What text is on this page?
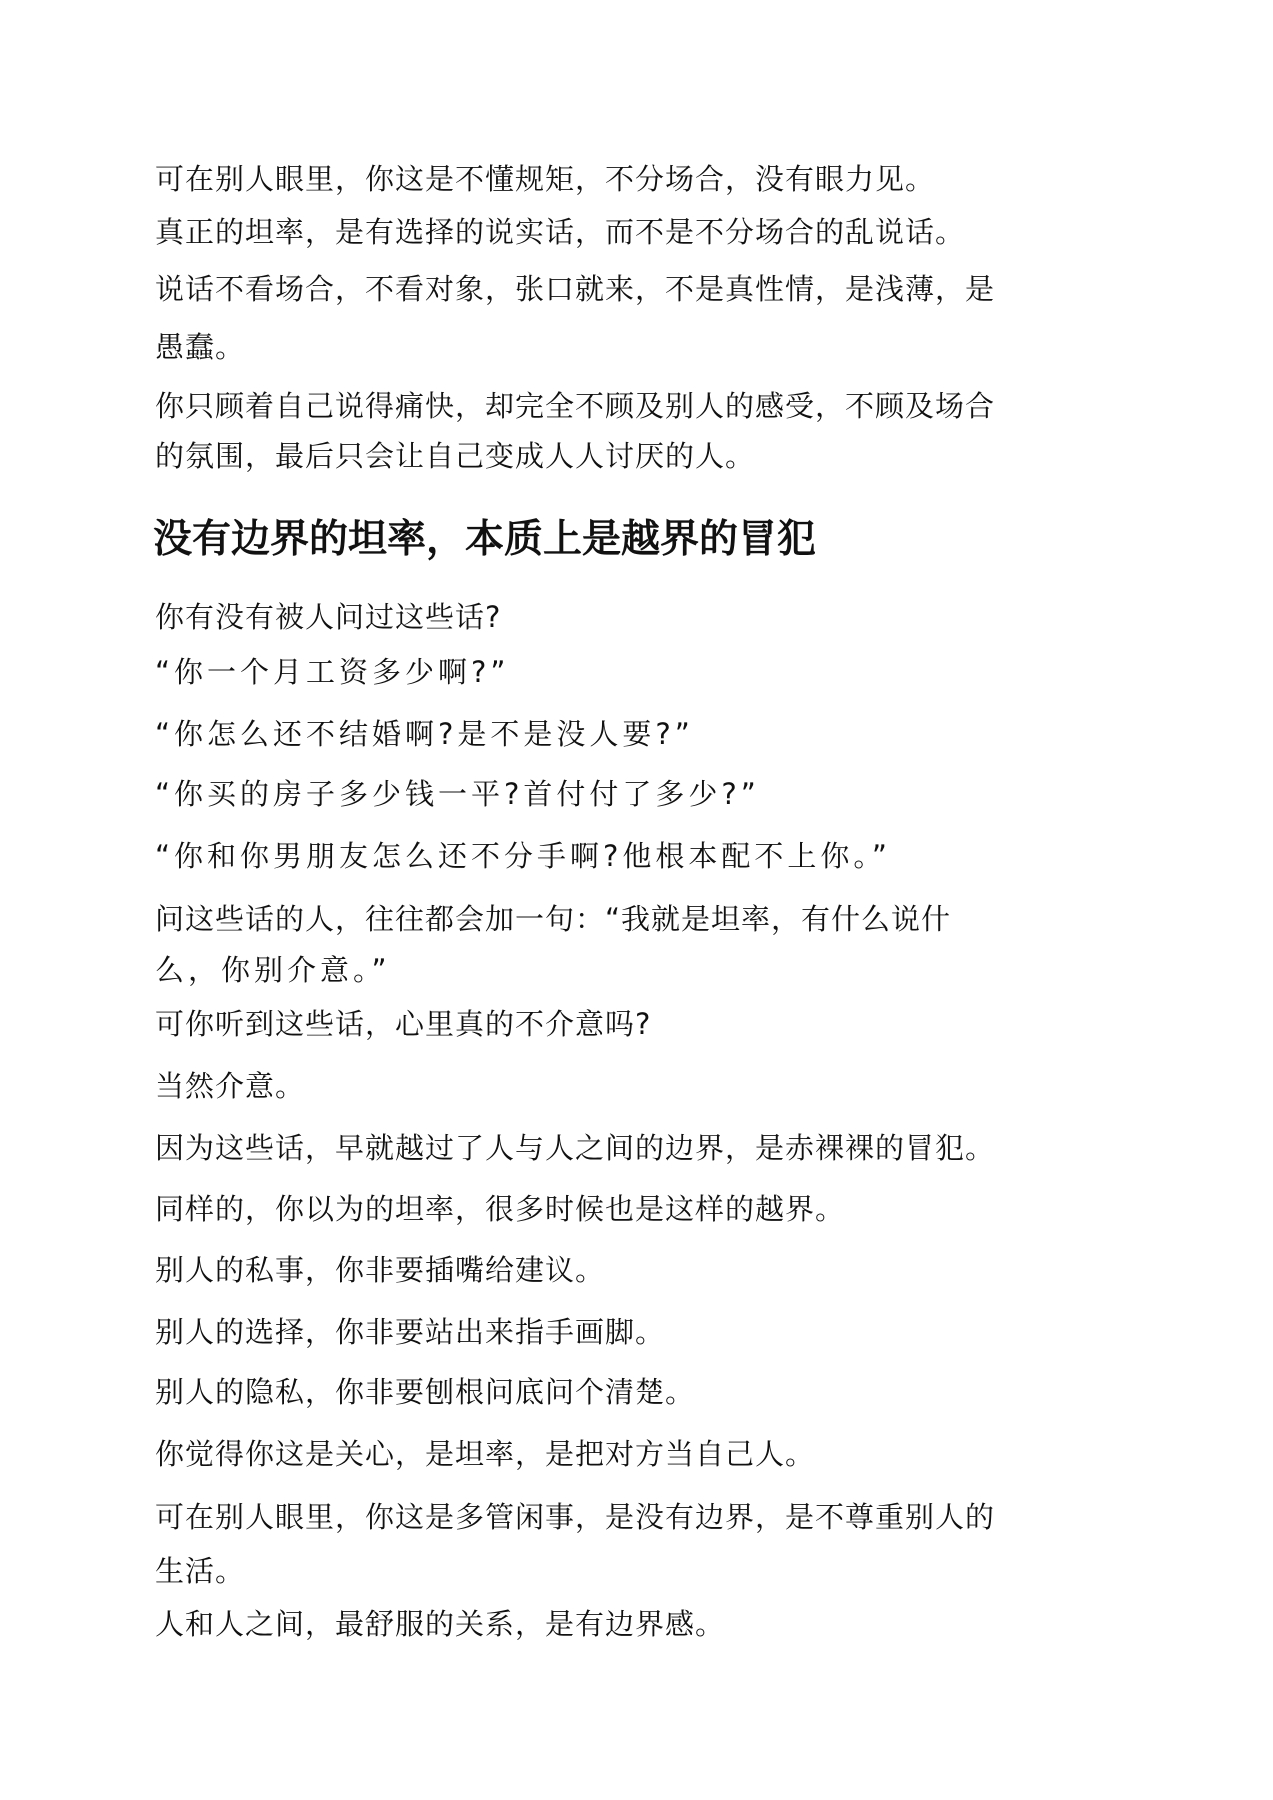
可在别人眼里，你这是不懂规矩，不分场合，没有眼力见。
真正的坦率，是有选择的说实话，而不是不分场合的乱说话。
说话不看场合，不看对象，张口就来，不是真性情，是浅薄，是
愚蠢。
你只顾着自己说得痛快，却完全不顾及别人的感受，不顾及场合
的氛围，最后只会让自己变成人人讨厌的人。
没有边界的坦率，本质上是越界的冒犯
你有没有被人问过这些话?
“你一个月工资多少啊?”
“你怎么还不结婚啊?是不是没人要?”
“你买的房子多少钱一平?首付付了多少?”
“你和你男朋友怎么还不分手啊?他根本配不上你。”
问这些话的人，往往都会加一句：“我就是坦率，有什么说什
么，你别介意。”
可你听到这些话，心里真的不介意吗?
当然介意。
因为这些话，早就越过了人与人之间的边界，是赤裸裸的冒犯。
同样的，你以为的坦率，很多时候也是这样的越界。
别人的私事，你非要插嘴给建议。
别人的选择，你非要站出来指手画脚。
别人的隐私，你非要刨根问底问个清楚。
你觉得你这是关心，是坦率，是把对方当自己人。
可在别人眼里，你这是多管闲事，是没有边界，是不尊重别人的
生活。
人和人之间，最舒服的关系，是有边界感。
